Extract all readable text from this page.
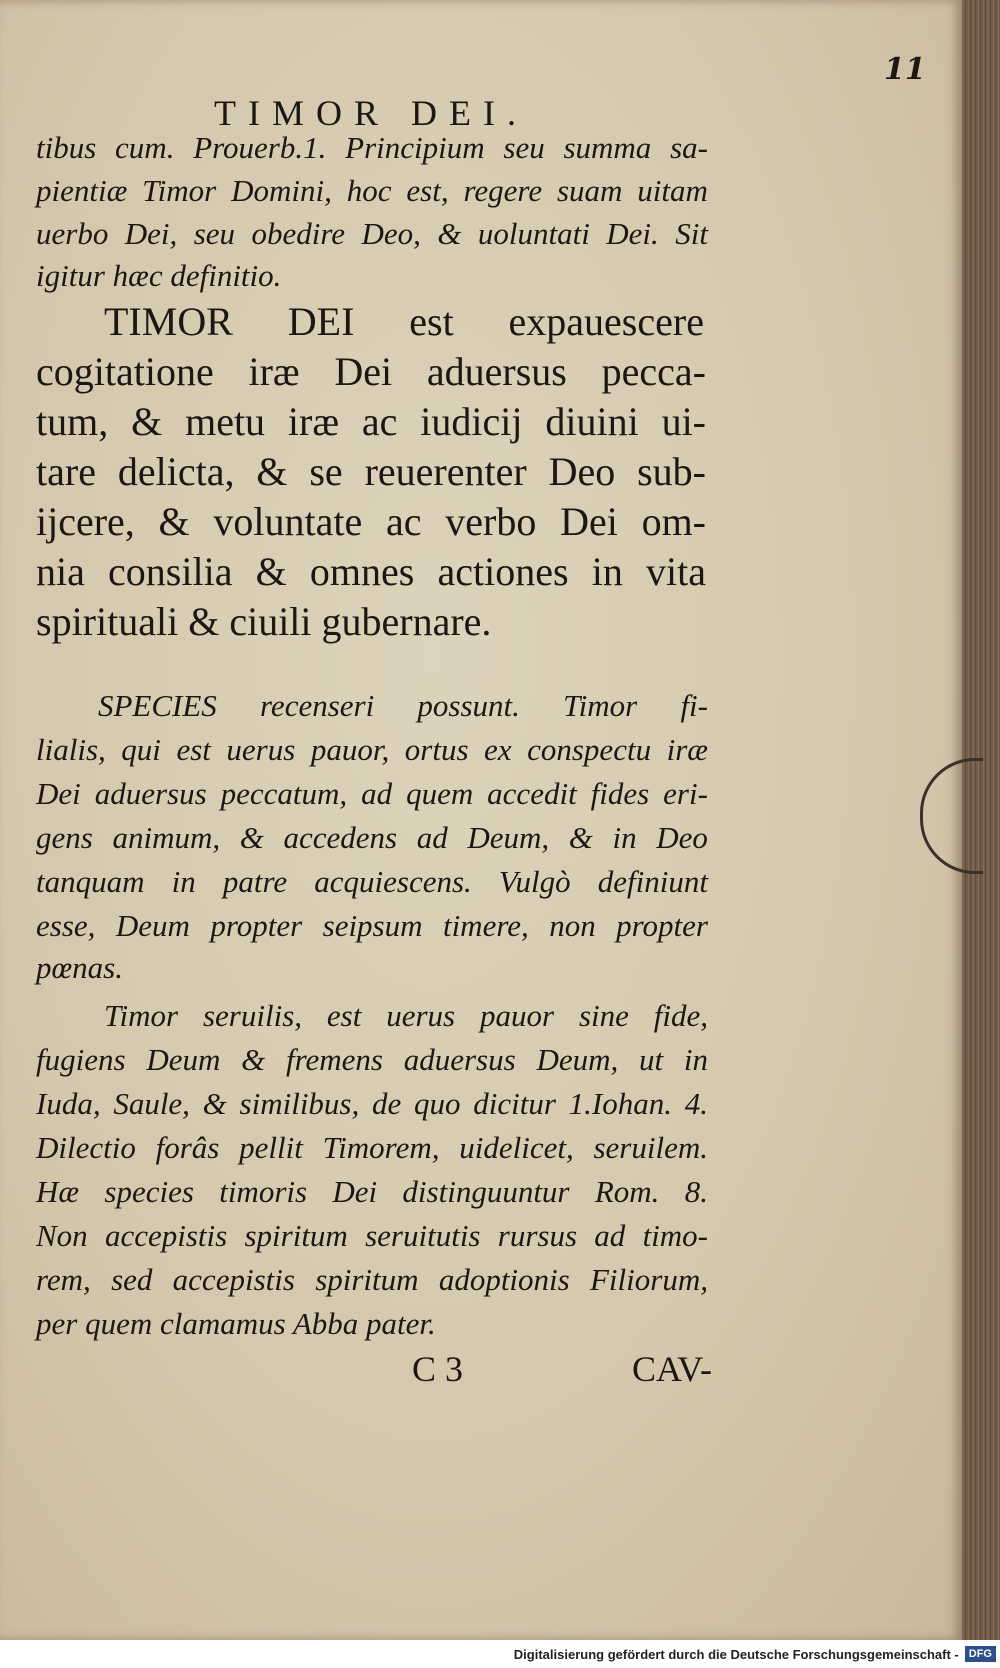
11
TIMOR DEI.
tibus cum. Prouerb.1. Principium seu summa sa-
pientiæ Timor Domini, hoc est, regere suam uitam
uerbo Dei, seu obedire Deo, & uoluntati Dei. Sit
igitur hæc definitio.
TIMOR DEI est expauescere
cogitatione iræ Dei aduersus pecca-
tum, & metu iræ ac iudicij diuini ui-
tare delicta, & se reuerenter Deo sub-
ijcere, & voluntate ac verbo Dei om-
nia consilia & omnes actiones in vita
spirituali & ciuili gubernare.
SPECIES recenseri possunt. Timor fi-
lialis, qui est uerus pauor, ortus ex conspectu iræ
Dei aduersus peccatum, ad quem accedit fides eri-
gens animum, & accedens ad Deum, & in Deo
tanquam in patre acquiescens. Vulgò definiunt
esse, Deum propter seipsum timere, non propter
pœnas.
Timor seruilis, est uerus pauor sine fide,
fugiens Deum & fremens aduersus Deum, ut in
Iuda, Saule, & similibus, de quo dicitur 1.Iohan. 4.
Dilectio forâs pellit Timorem, uidelicet, seruilem.
Hæ species timoris Dei distinguuntur Rom. 8.
Non accepistis spiritum seruitutis rursus ad timo-
rem, sed accepistis spiritum adoptionis Filiorum,
per quem clamamus Abba pater.
C 3	CAV-
Digitalisierung gefördert durch die Deutsche Forschungsgemeinschaft - DFG
